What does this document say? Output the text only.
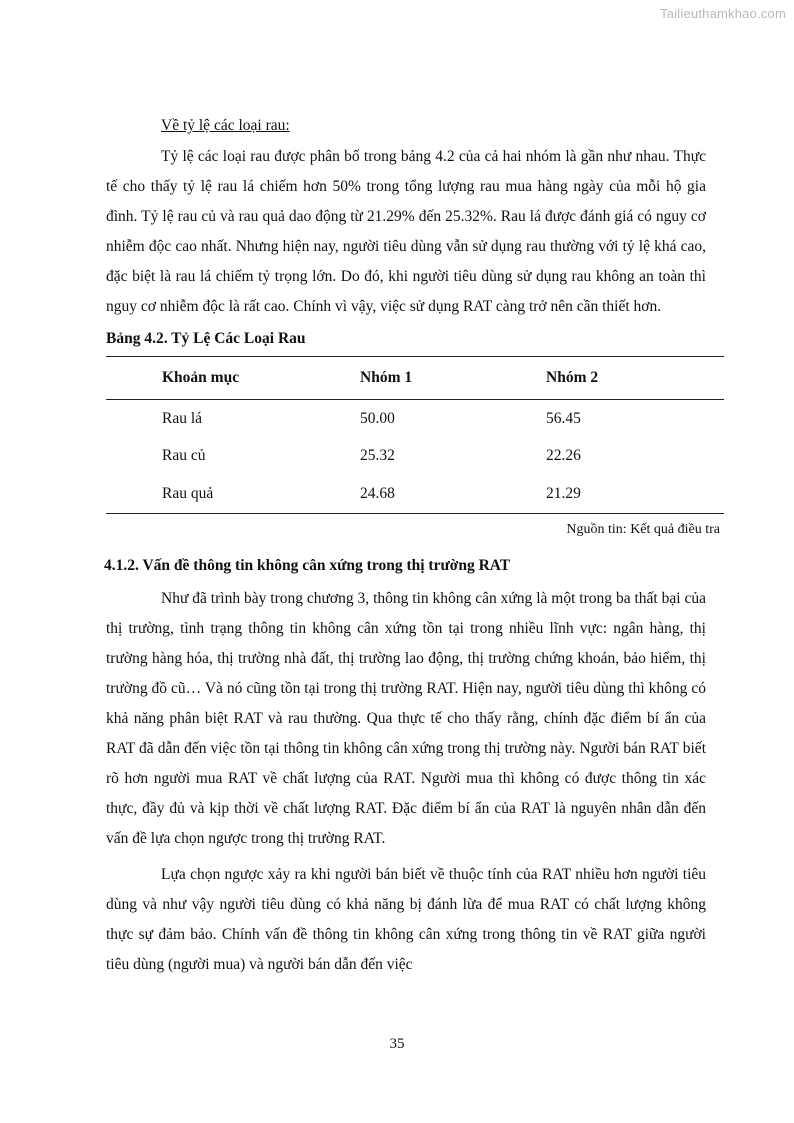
Tailieuthamkhao.com

Về tỷ lệ các loại rau:

Tỷ lệ các loại rau được phân bố trong bảng 4.2 của cả hai nhóm là gần như nhau. Thực tế cho thấy tỷ lệ rau lá chiếm hơn 50% trong tổng lượng rau mua hàng ngày của mỗi hộ gia đình. Tỷ lệ rau củ và rau quả dao động từ 21.29% đến 25.32%. Rau lá được đánh giá có nguy cơ nhiễm độc cao nhất. Nhưng hiện nay, người tiêu dùng vẫn sử dụng rau thường với tỷ lệ khá cao, đặc biệt là rau lá chiếm tỷ trọng lớn. Do đó, khi người tiêu dùng sử dụng rau không an toàn thì nguy cơ nhiễm độc là rất cao. Chính vì vậy, việc sử dụng RAT càng trở nên cần thiết hơn.

Bảng 4.2. Tỷ Lệ Các Loại Rau
Khoản mục	Nhóm 1	Nhóm 2
Rau lá	50.00	56.45
Rau củ	25.32	22.26
Rau quả	24.68	21.29
Nguồn tin: Kết quả điều tra
4.1.2. Vấn đề thông tin không cân xứng trong thị trường RAT

Như đã trình bày trong chương 3, thông tin không cân xứng là một trong ba thất bại của thị trường, tình trạng thông tin không cân xứng tồn tại trong nhiều lĩnh vực: ngân hàng, thị trường hàng hóa, thị trường nhà đất, thị trường lao động, thị trường chứng khoán, bảo hiểm, thị trường đồ cũ… Và nó cũng tồn tại trong thị trường RAT. Hiện nay, người tiêu dùng thì không có khả năng phân biệt RAT và rau thường. Qua thực tế cho thấy rằng, chính đặc điểm bí ẩn của RAT đã dẫn đến việc tồn tại thông tin không cân xứng trong thị trường này. Người bán RAT biết rõ hơn người mua RAT về chất lượng của RAT. Người mua thì không có được thông tin xác thực, đầy đủ và kịp thời về chất lượng RAT. Đặc điểm bí ẩn của RAT là nguyên nhân dẫn đến vấn đề lựa chọn ngược trong thị trường RAT.

Lựa chọn ngược xảy ra khi người bán biết về thuộc tính của RAT nhiều hơn người tiêu dùng và như vậy người tiêu dùng có khả năng bị đánh lừa để mua RAT có chất lượng không thực sự đảm bảo. Chính vấn đề thông tin không cân xứng trong thông tin về RAT giữa người tiêu dùng (người mua) và người bán dẫn đến việc

35
